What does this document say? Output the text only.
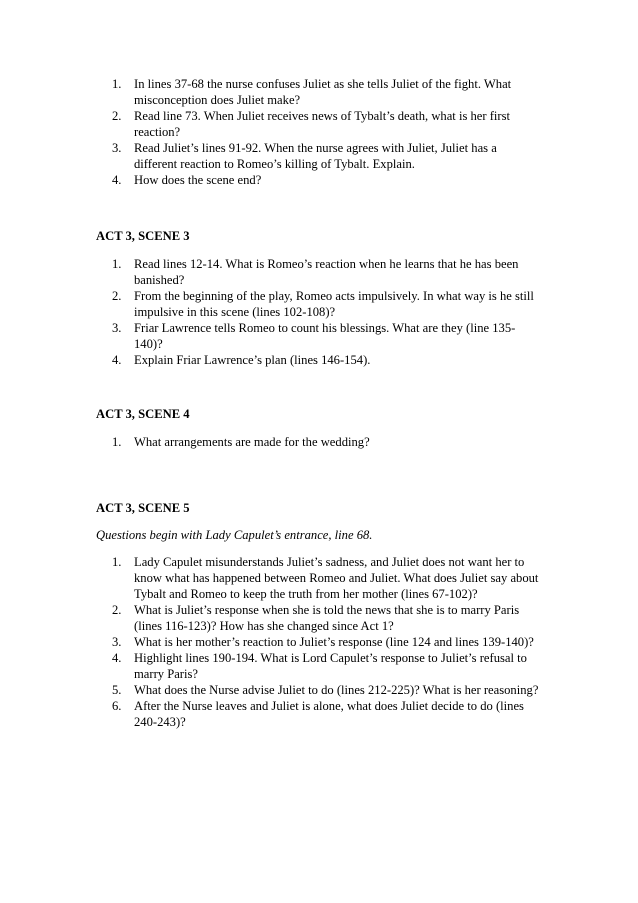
1. In lines 37-68 the nurse confuses Juliet as she tells Juliet of the fight. What misconception does Juliet make?
2. Read line 73. When Juliet receives news of Tybalt’s death, what is her first reaction?
3. Read Juliet’s lines 91-92. When the nurse agrees with Juliet, Juliet has a different reaction to Romeo’s killing of Tybalt. Explain.
4. How does the scene end?
ACT 3, SCENE 3
1. Read lines 12-14. What is Romeo’s reaction when he learns that he has been banished?
2. From the beginning of the play, Romeo acts impulsively. In what way is he still impulsive in this scene (lines 102-108)?
3. Friar Lawrence tells Romeo to count his blessings. What are they (line 135-140)?
4. Explain Friar Lawrence’s plan (lines 146-154).
ACT 3, SCENE 4
1. What arrangements are made for the wedding?
ACT 3, SCENE 5
Questions begin with Lady Capulet’s entrance, line 68.
1. Lady Capulet misunderstands Juliet’s sadness, and Juliet does not want her to know what has happened between Romeo and Juliet. What does Juliet say about Tybalt and Romeo to keep the truth from her mother (lines 67-102)?
2. What is Juliet’s response when she is told the news that she is to marry Paris (lines 116-123)? How has she changed since Act 1?
3. What is her mother’s reaction to Juliet’s response (line 124 and lines 139-140)?
4. Highlight lines 190-194. What is Lord Capulet’s response to Juliet’s refusal to marry Paris?
5. What does the Nurse advise Juliet to do (lines 212-225)? What is her reasoning?
6. After the Nurse leaves and Juliet is alone, what does Juliet decide to do (lines 240-243)?
